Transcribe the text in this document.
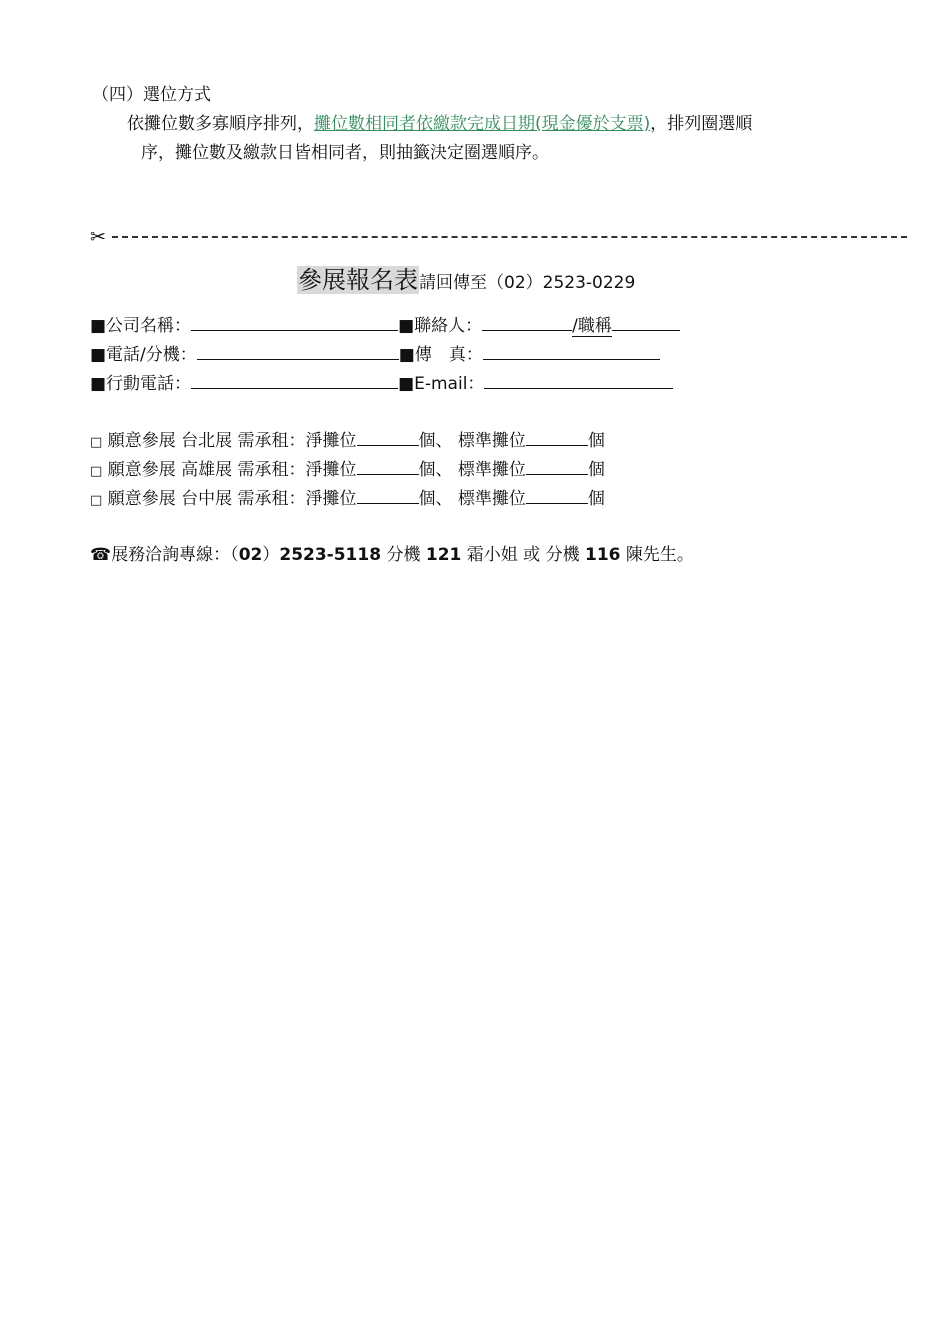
（四）選位方式
依攤位數多寡順序排列，攤位數相同者依繳款完成日期(現金優於支票)，排列圈選順
序，攤位數及繳款日皆相同者，則抽籤決定圈選順序。
✂
參展報名表請回傳至（02）2523-0229
■公司名稱：	■聯絡人：	/職稱
■電話/分機：	■傳　真：
■行動電話：	■E-mail：
□ 願意參展 台北展 需承租：淨攤位	個、 標準攤位	個
□ 願意參展 高雄展 需承租：淨攤位	個、 標準攤位	個
□ 願意參展 台中展 需承租：淨攤位	個、 標準攤位	個
☎展務洽詢專線：（02）2523-5118 分機 121 霜小姐 或 分機 116 陳先生。
